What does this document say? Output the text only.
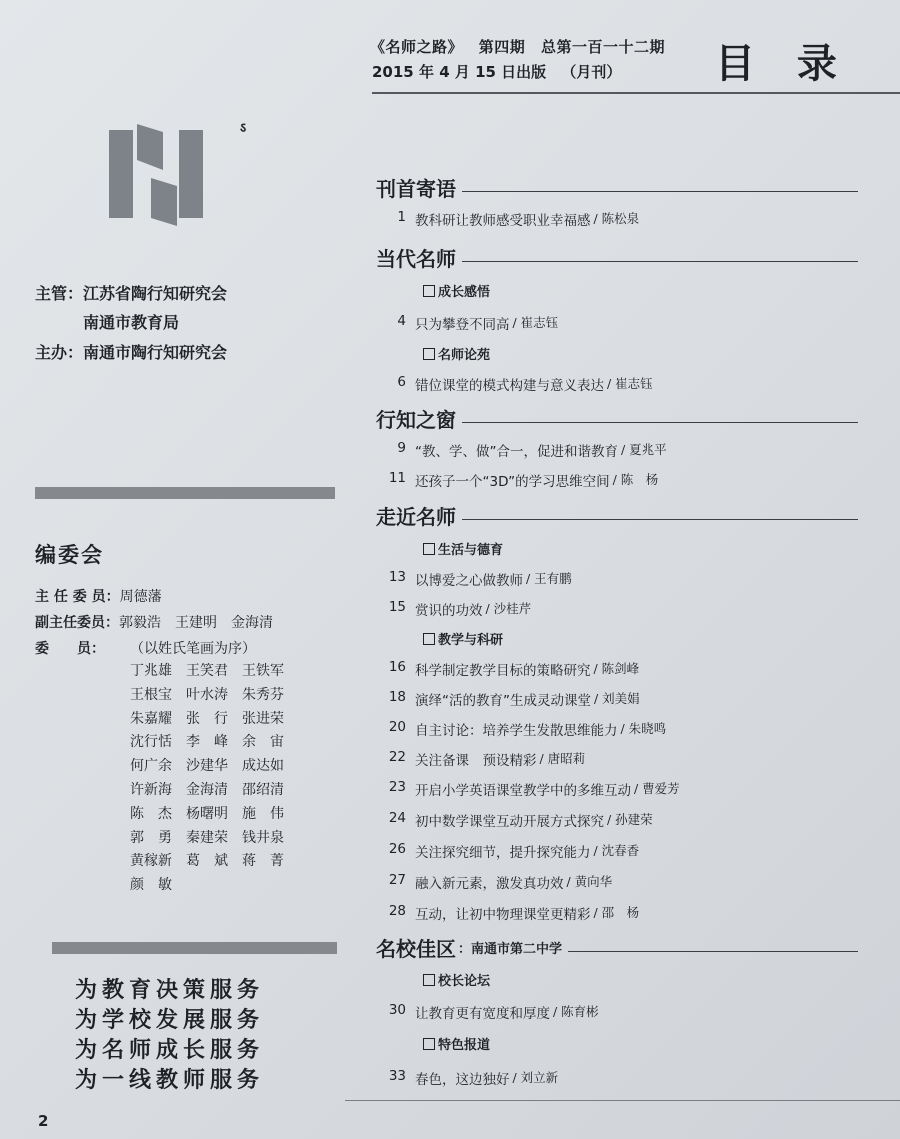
《名师之路》 第四期 总第一百一十二期
2015 年 4 月 15 日出版 （月刊） 目 录
ऽ
主管：江苏省陶行知研究会
南通市教育局
主办：南通市陶行知研究会
编委会
主 任 委 员：周德藩
副主任委员：郭毅浩　王建明　金海清
委　　员： （以姓氏笔画为序）
丁兆雄　王笑君　王铁军
王根宝　叶水涛　朱秀芬
朱嘉耀　张　行　张进荣
沈行恬　李　峰　余　宙
何广余　沙建华　成达如
许新海　金海清　邵绍清
陈　杰　杨曙明　施　伟
郭　勇　秦建荣　钱井泉
黄稼新　葛　斌　蒋　菁
颜　敏
为教育决策服务
为学校发展服务
为名师成长服务
为一线教师服务
刊首寄语
1 教科研让教师感受职业幸福感 / 陈松泉
当代名师
成长感悟
4 只为攀登不同高 / 崔志钰
名师论苑
6 错位课堂的模式构建与意义表达 / 崔志钰
行知之窗
9 “教、学、做”合一，促进和谐教育 / 夏兆平
11 还孩子一个“3D”的学习思维空间 / 陈　杨
走近名师
生活与德育
13 以博爱之心做教师 / 王有鹏
15 赏识的功效 / 沙桂芹
教学与科研
16 科学制定教学目标的策略研究 / 陈剑峰
18 演绎“活的教育”生成灵动课堂 / 刘美娟
20 自主讨论：培养学生发散思维能力 / 朱晓鸣
22 关注备课　预设精彩 / 唐昭莉
23 开启小学英语课堂教学中的多维互动 / 曹爱芳
24 初中数学课堂互动开展方式探究 / 孙建荣
26 关注探究细节，提升探究能力 / 沈春香
27 融入新元素，激发真功效 / 黄向华
28 互动，让初中物理课堂更精彩 / 邵　杨
名校佳区 ：南通市第二中学
校长论坛
30 让教育更有宽度和厚度 / 陈育彬
特色报道
33 春色，这边独好 / 刘立新
2
